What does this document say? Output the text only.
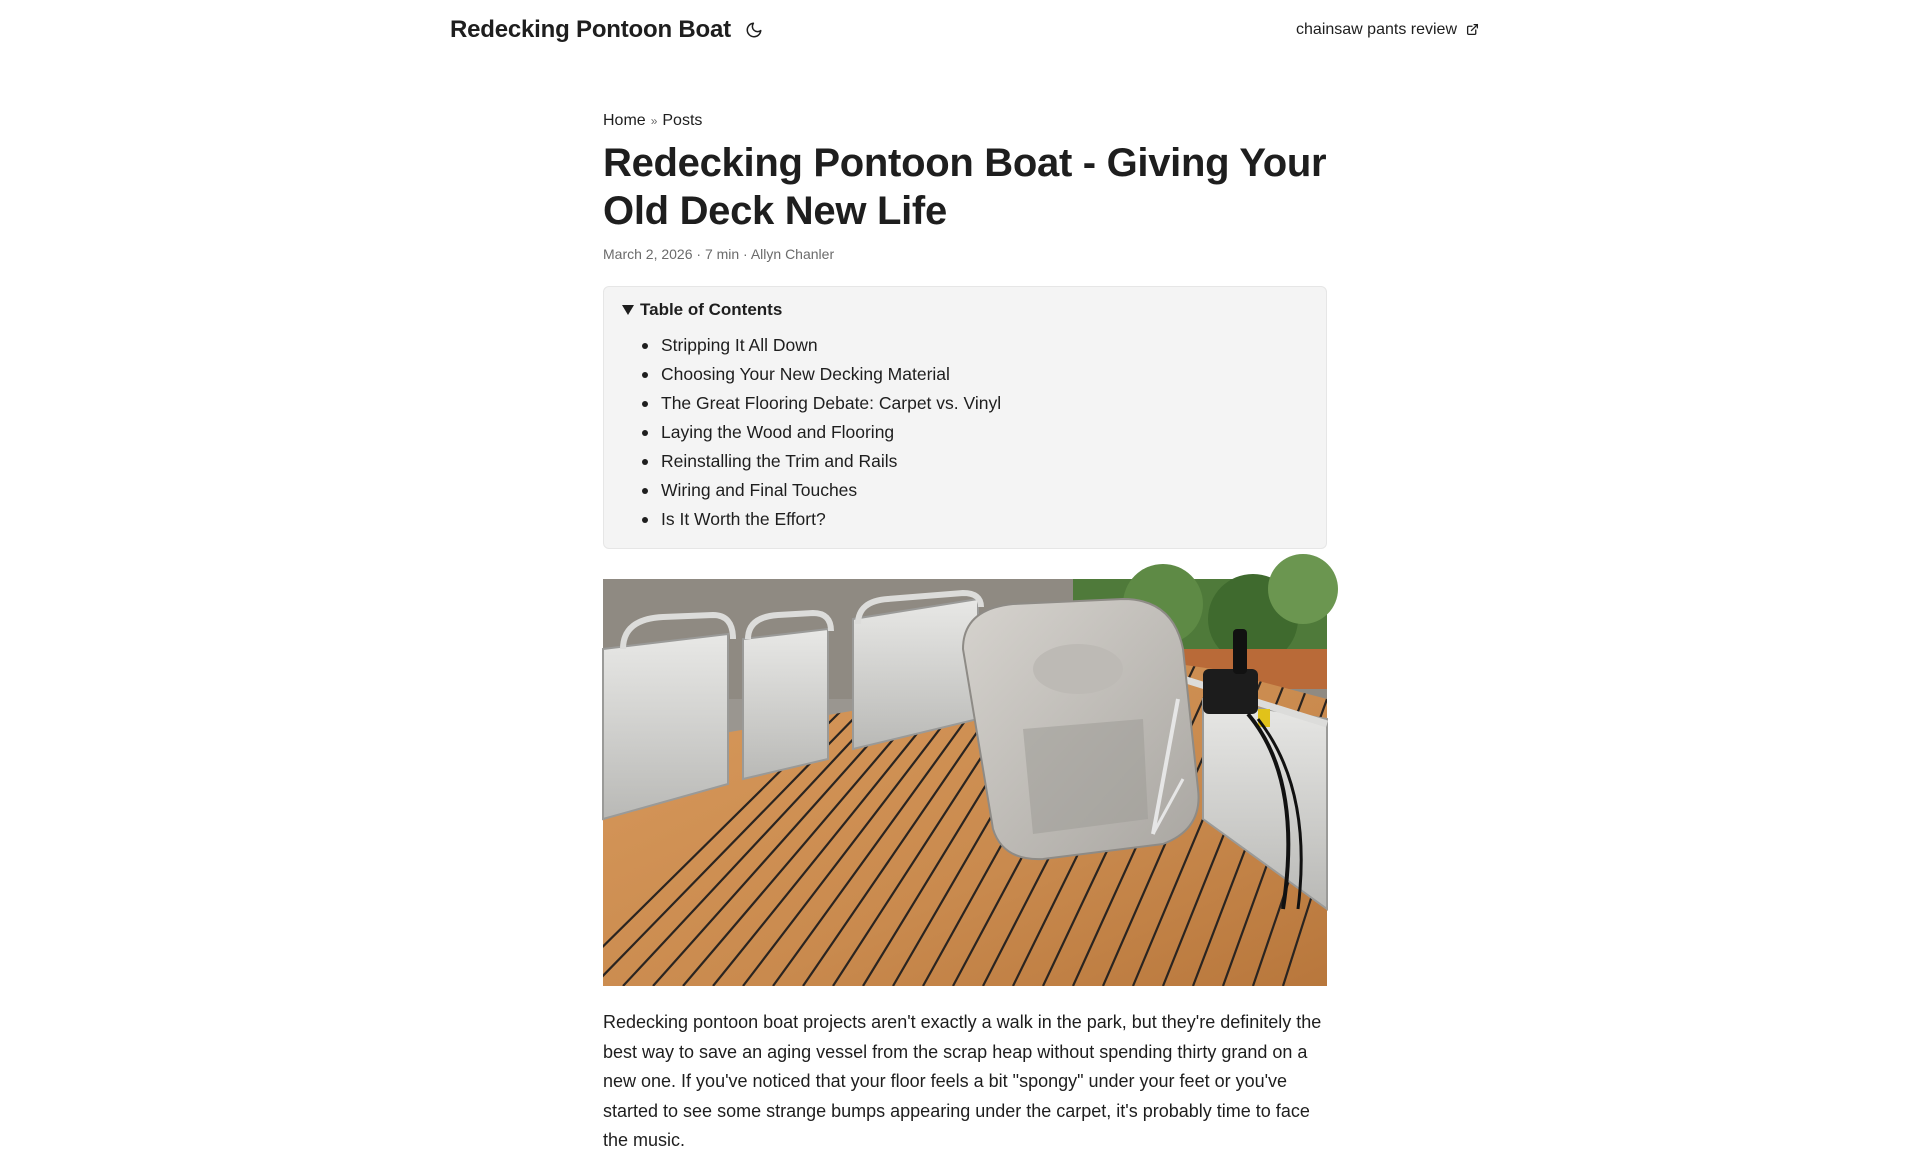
Redecking Pontoon Boat	chainsaw pants review
Home » Posts
Redecking Pontoon Boat - Giving Your Old Deck New Life
March 2, 2026 · 7 min · Allyn Chanler
Table of Contents
Stripping It All Down
Choosing Your New Decking Material
The Great Flooring Debate: Carpet vs. Vinyl
Laying the Wood and Flooring
Reinstalling the Trim and Rails
Wiring and Final Touches
Is It Worth the Effort?

Redecking pontoon boat projects aren't exactly a walk in the park, but they're definitely the best way to save an aging vessel from the scrap heap without spending thirty grand on a new one. If you've noticed that your floor feels a bit "spongy" under your feet or you've started to see some strange bumps appearing under the carpet, it's probably time to face the music.
